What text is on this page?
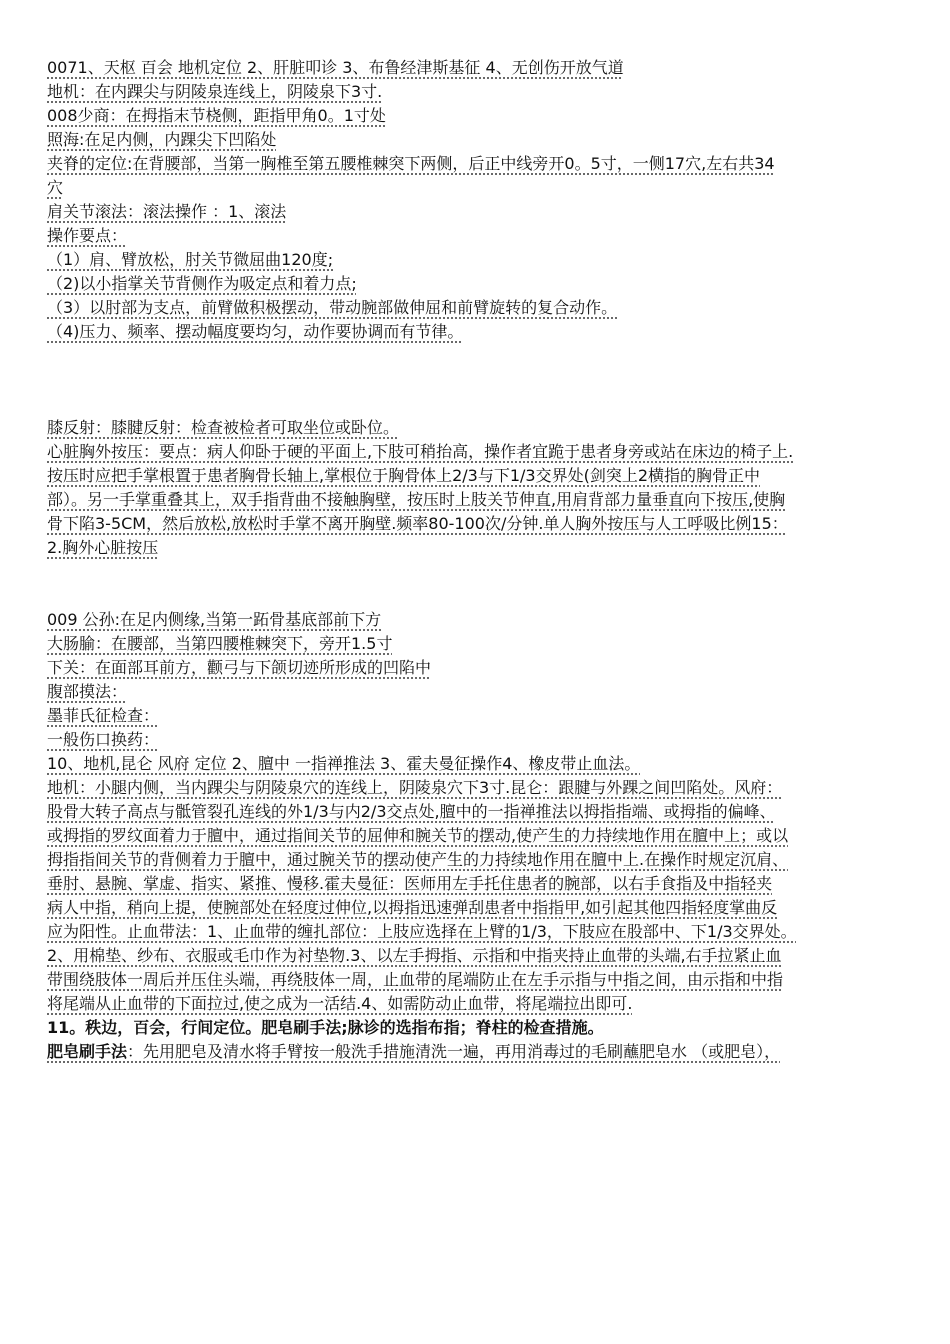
0071、天枢 百会 地机定位 2、肝脏叩诊 3、布鲁经津斯基征 4、无创伤开放气道

地机：在内踝尖与阴陵泉连线上，阴陵泉下3寸.

008少商：在拇指末节桡侧，距指甲角0。1寸处

照海:在足内侧，内踝尖下凹陷处

夹脊的定位:在背腰部，当第一胸椎至第五腰椎棘突下两侧，后正中线旁开0。5寸，一侧17穴,左右共34

穴

肩关节滚法：滚法操作 ：1、滚法

操作要点：

（1）肩、臂放松，肘关节微屈曲120度;

（2)以小指掌关节背侧作为吸定点和着力点;

（3）以肘部为支点，前臂做积极摆动，带动腕部做伸屈和前臂旋转的复合动作。

（4)压力、频率、摆动幅度要均匀，动作要协调而有节律。

膝反射：膝腱反射：检查被检者可取坐位或卧位。

心脏胸外按压：要点：病人仰卧于硬的平面上,下肢可稍抬高，操作者宜跪于患者身旁或站在床边的椅子上.

按压时应把手掌根置于患者胸骨长轴上,掌根位于胸骨体上2/3与下1/3交界处(剑突上2横指的胸骨正中

部）。另一手掌重叠其上，双手指背曲不接触胸壁，按压时上肢关节伸直,用肩背部力量垂直向下按压,使胸

骨下陷3-5CM，然后放松,放松时手掌不离开胸壁.频率80-100次/分钟.单人胸外按压与人工呼吸比例15：

2.胸外心脏按压

009 公孙:在足内侧缘,当第一跖骨基底部前下方

大肠腧：在腰部，当第四腰椎棘突下，旁开1.5寸

下关：在面部耳前方，颧弓与下颌切迹所形成的凹陷中

腹部摸法：

墨菲氏征检查：

一般伤口换药：

10、地机,昆仑 风府 定位 2、膻中 一指禅推法 3、霍夫曼征操作4、橡皮带止血法。

地机：小腿内侧，当内踝尖与阴陵泉穴的连线上，阴陵泉穴下3寸.昆仑：跟腱与外踝之间凹陷处。风府：

股骨大转子高点与骶管裂孔连线的外1/3与内2/3交点处,膻中的一指禅推法以拇指指端、或拇指的偏峰、

或拇指的罗纹面着力于膻中，通过指间关节的屈伸和腕关节的摆动,使产生的力持续地作用在膻中上；或以

拇指指间关节的背侧着力于膻中，通过腕关节的摆动使产生的力持续地作用在膻中上.在操作时规定沉肩、

垂肘、悬腕、掌虚、指实、紧推、慢移.霍夫曼征：医师用左手托住患者的腕部，以右手食指及中指轻夹

病人中指，稍向上提，使腕部处在轻度过伸位,以拇指迅速弹刮患者中指指甲,如引起其他四指轻度掌曲反

应为阳性。止血带法：1、止血带的缠扎部位：上肢应选择在上臂的1/3，下肢应在股部中、下1/3交界处。

2、用棉垫、纱布、衣服或毛巾作为衬垫物.3、以左手拇指、示指和中指夹持止血带的头端,右手拉紧止血

带围绕肢体一周后并压住头端，再绕肢体一周，止血带的尾端防止在左手示指与中指之间，由示指和中指

将尾端从止血带的下面拉过,使之成为一活结.4、如需防动止血带，将尾端拉出即可.

11。秩边，百会，行间定位。肥皂刷手法;脉诊的选指布指；脊柱的检查措施。

肥皂刷手法：先用肥皂及清水将手臂按一般洗手措施清洗一遍，再用消毒过的毛刷蘸肥皂水 （或肥皂），
